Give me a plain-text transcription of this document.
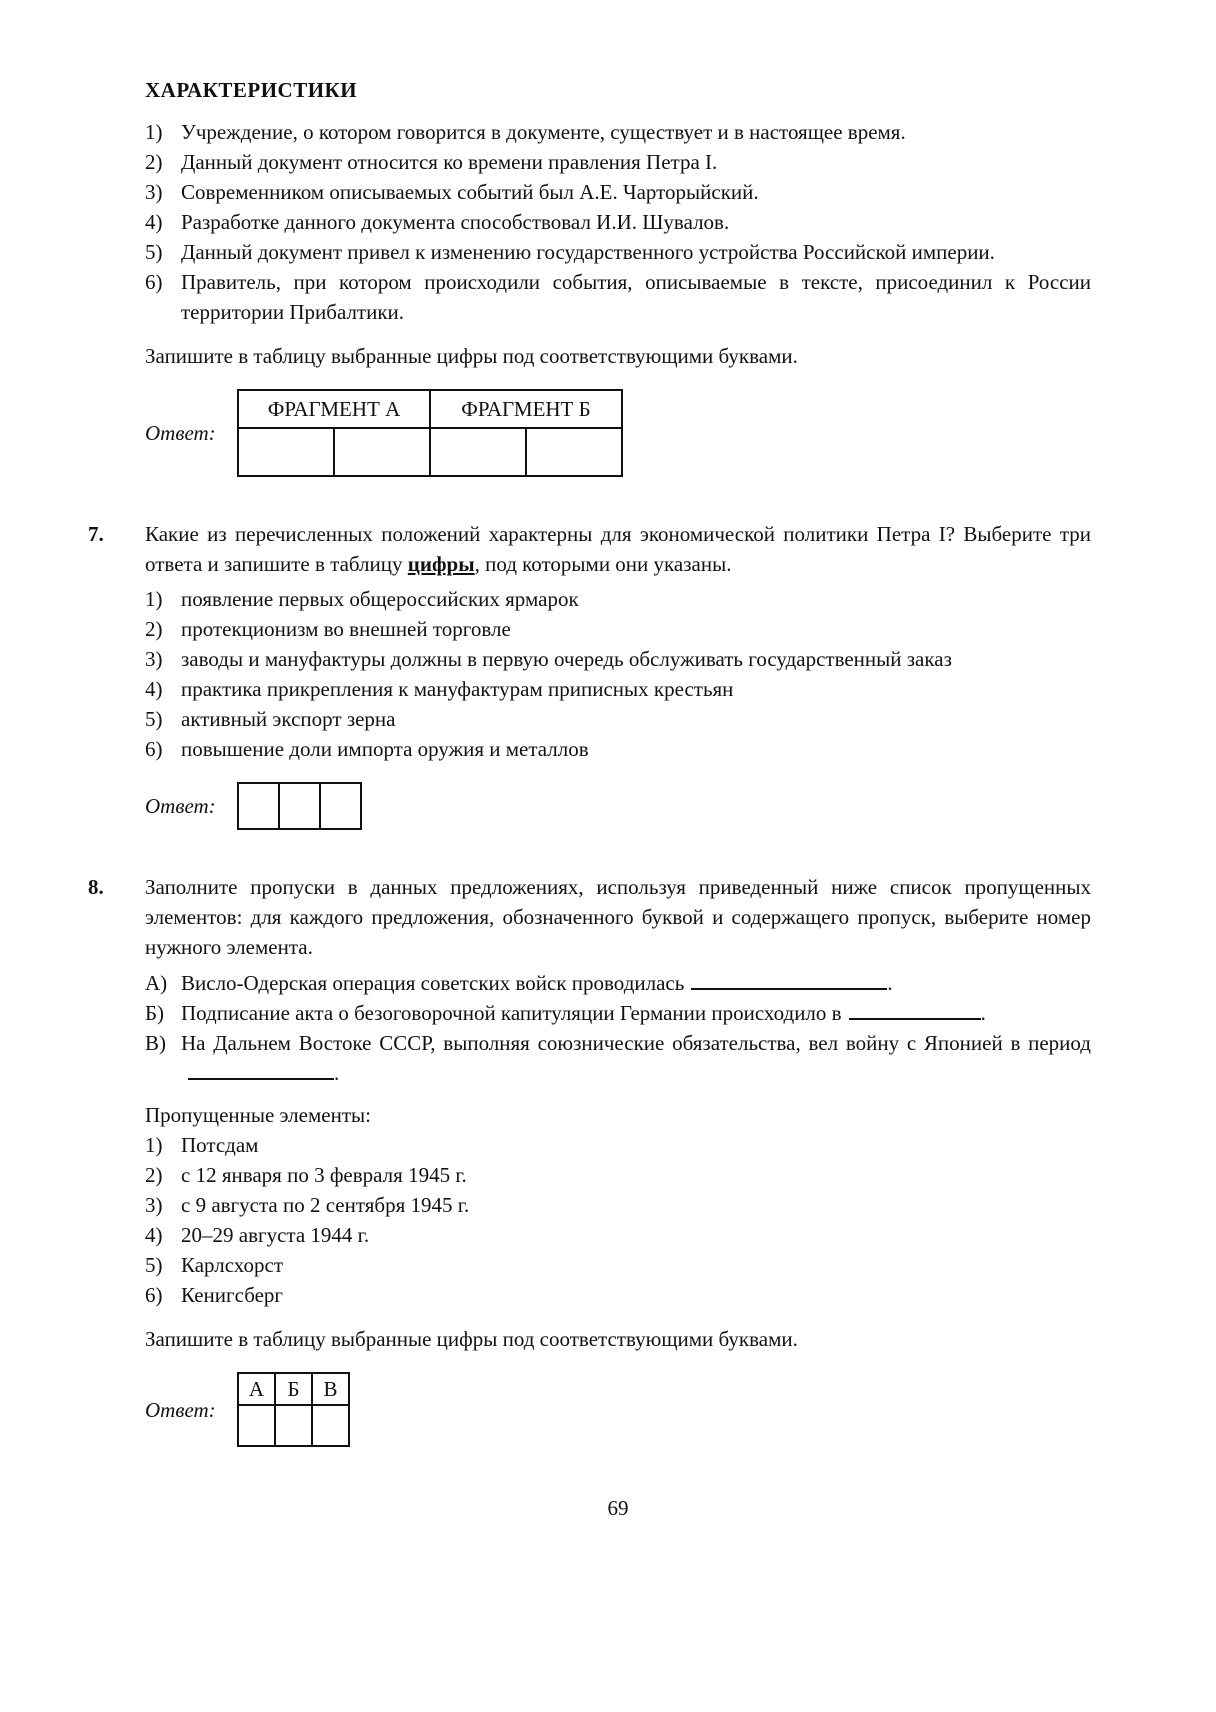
ХАРАКТЕРИСТИКИ
1) Учреждение, о котором говорится в документе, существует и в настоящее время.
2) Данный документ относится ко времени правления Петра I.
3) Современником описываемых событий был А.Е. Чарторыйский.
4) Разработке данного документа способствовал И.И. Шувалов.
5) Данный документ привел к изменению государственного устройства Российской империи.
6) Правитель, при котором происходили события, описываемые в тексте, присоединил к России территории Прибалтики.
Запишите в таблицу выбранные цифры под соответствующими буквами.
Ответ:
ФРАГМЕНТ А		ФРАГМЕНТ Б	

7. Какие из перечисленных положений характерны для экономической политики Петра I? Выберите три ответа и запишите в таблицу цифры, под которыми они указаны.
1) появление первых общероссийских ярмарок
2) протекционизм во внешней торговле
3) заводы и мануфактуры должны в первую очередь обслуживать государственный заказ
4) практика прикрепления к мануфактурам приписных крестьян
5) активный экспорт зерна
6) повышение доли импорта оружия и металлов
Ответ:

8. Заполните пропуски в данных предложениях, используя приведенный ниже список пропущенных элементов: для каждого предложения, обозначенного буквой и содержащего пропуск, выберите номер нужного элемента.
А) Висло-Одерская операция советских войск проводилась	.
Б) Подписание акта о безоговорочной капитуляции Германии происходило в	.
В) На Дальнем Востоке СССР, выполняя союзнические обязательства, вел войну с Японией в период.
Пропущенные элементы:
1) Потсдам
2) с 12 января по 3 февраля 1945 г.
3) с 9 августа по 2 сентября 1945 г.
4) 20–29 августа 1944 г.
5) Карлсхорст
6) Кенигсберг
Запишите в таблицу выбранные цифры под соответствующими буквами.
Ответ:
А	Б	В

69
